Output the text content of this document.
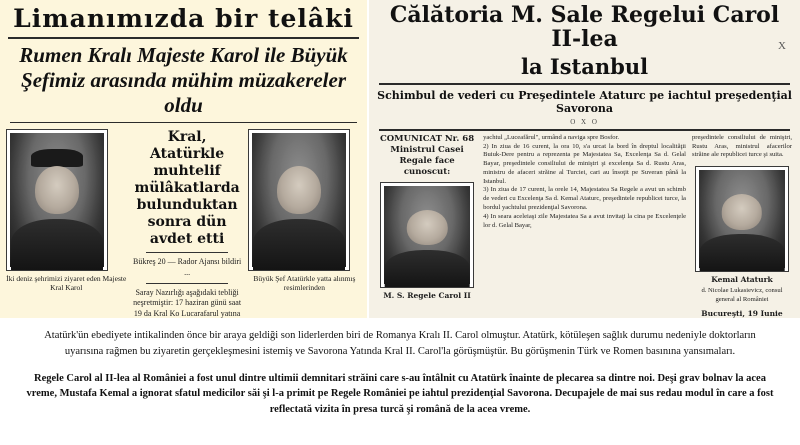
Limanımızda bir telâki
Rumen Kralı Majeste Karol ile Büyük Şefimiz arasında mühim müzakereler oldu
İki deniz şehrimizi ziyaret eden Majeste Kral Karol
Kral, Atatürkle muhtelif mülâkatlarda bulunduktan sonra dün avdet etti
Bükreş 20 — Rador Ajansı bildiri ...
Saray Nazırlığı aşağıdaki tebliği neşretmiştir: 17 haziran günü saat 19 da Kral Ko Lucarafarul yatına
Büyük Şef Atatürkle yatta alınmış resimlerinden
X
Călătoria M. Sale Regelui Carol II-lea
la Istanbul
Schimbul de vederi cu Preşedintele Ataturc pe iachtul preşedenţial Savorona
O X O
COMUNICAT Nr. 68
Ministrul Casei Regale face cunoscut:
M. S. Regele Carol II
yachtul „Luceafărul", urmând a naviga spre Bosfor.
2) In ziua de 16 curent, la ora 10, s'a urcat la bord în dreptul localităţii Buiuk-Dere pentru a reprezenta pe Majestatea Sa, Excelenţa Sa d. Gelal Bayar, preşedintele consiliului de miniştri şi excelenţa Sa d. Rustu Aras, ministru de afaceri străine al Turciei, cari au însoţit pe Suveran până la Istanbul.
3) In ziua de 17 curent, la orele 14, Majestatea Sa Regele a avut un schimb de vederi cu Excelenţa Sa d. Kemal Ataturc, preşedintele republicei turce, la bordul yachtului prezidenţial Savorona.
4) In seara aceleiaşi zile Majestatea Sa a avut invitaţi la cina pe Excelenţele lor d. Gelal Bayar,
preşedintele consiliului de miniştri, Rustu Aras, ministrul afacerilor străine ale republicei turce şi suita.
Kemal Ataturk
d. Nicolae Lukasievicz, consul general al României
Bucureşti, 19 Iunie

Atatürk'ün ebediyete intikalinden önce bir araya geldiği son liderlerden biri de Romanya Kralı II. Carol olmuştur. Atatürk, kötüleşen sağlık durumu nedeniyle doktorların uyarısına rağmen bu ziyaretin gerçekleşmesini istemiş ve Savorona Yatında Kral II. Carol'la görüşmüştür. Bu görüşmenin Türk ve Romen basınına yansımaları.

Regele Carol al II-lea al României a fost unul dintre ultimii demnitari străini care s-au întâlnit cu Atatürk înainte de plecarea sa dintre noi. Deşi grav bolnav la acea vreme, Mustafa Kemal a ignorat sfatul medicilor săi şi l-a primit pe Regele României pe iahtul prezidenţial Savorona. Decupajele de mai sus redau modul în care a fost reflectată vizita în presa turcă şi română de la acea vreme.
